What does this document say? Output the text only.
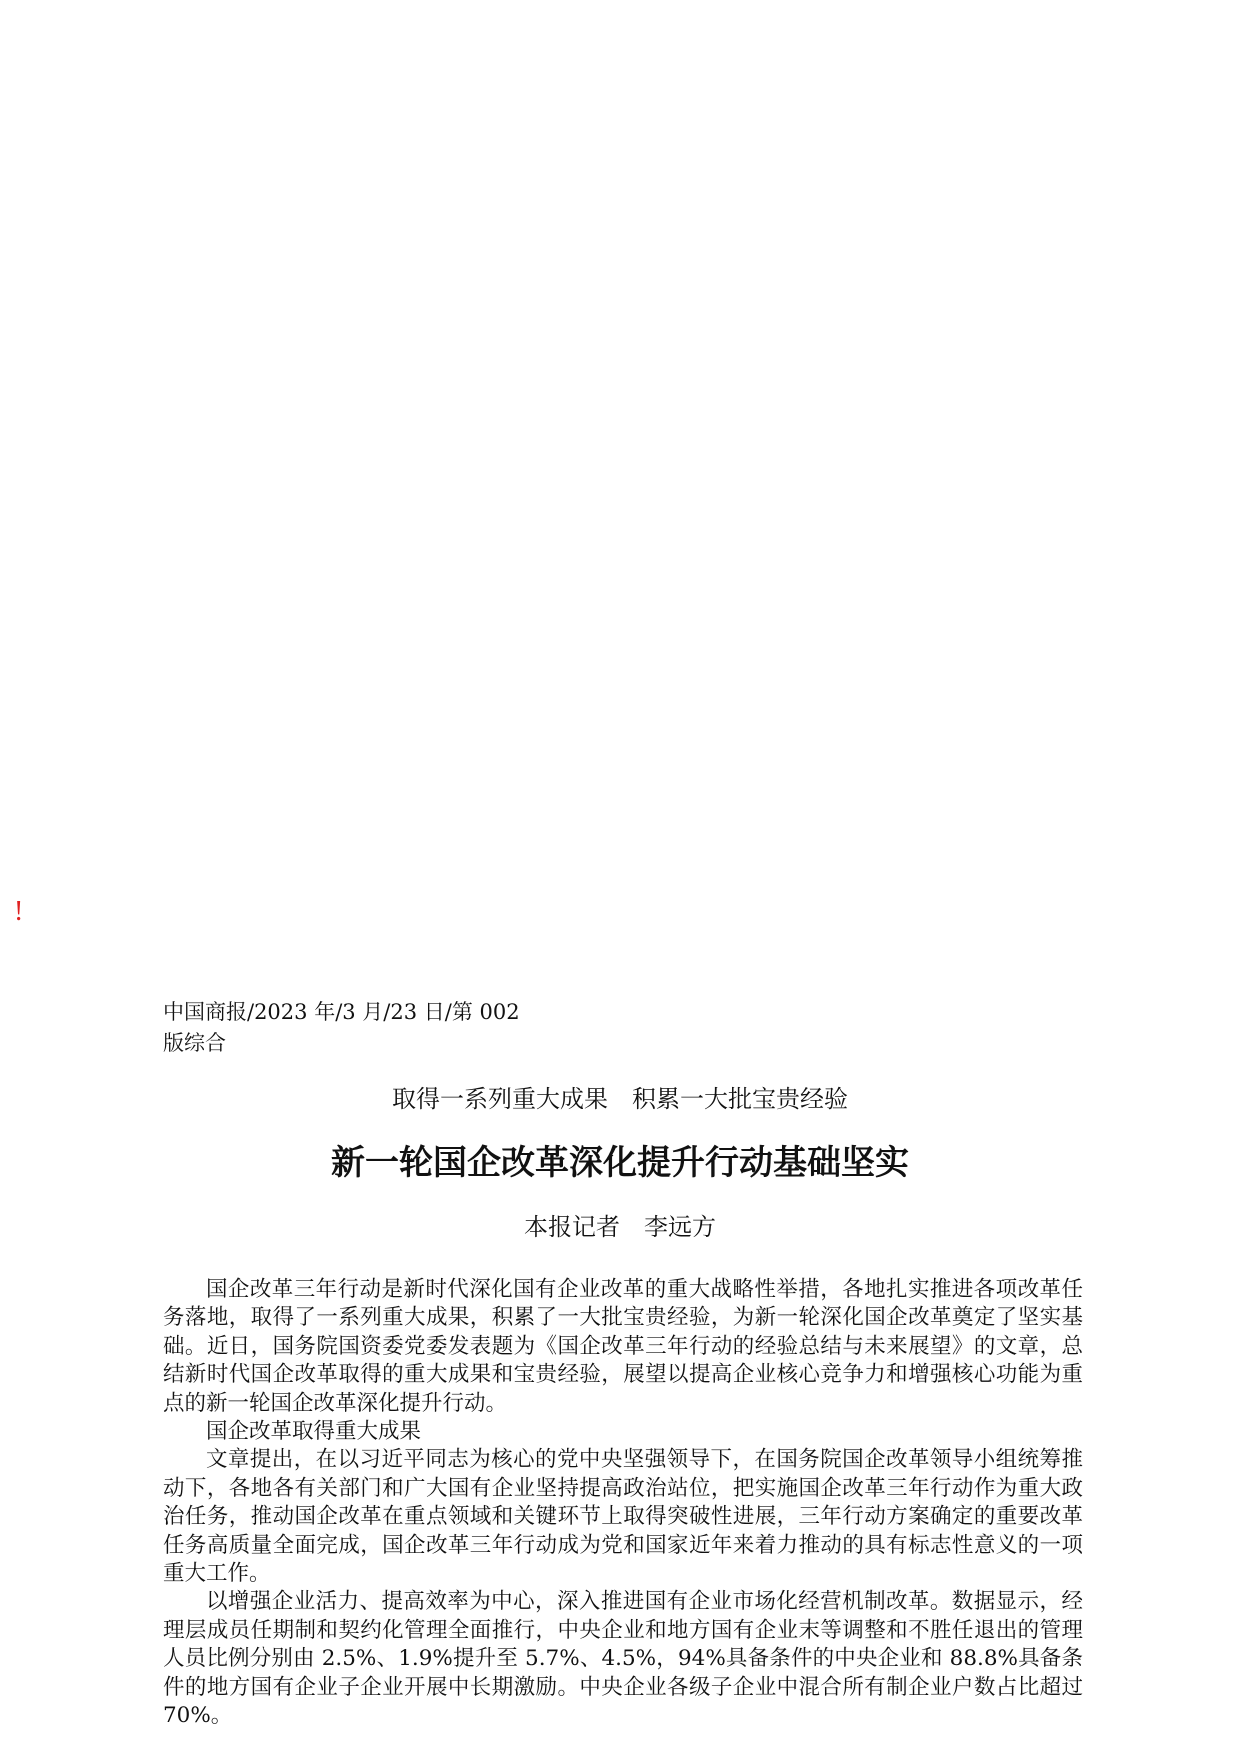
!
中国商报/2023 年/3 月/23 日/第 002 版综合
取得一系列重大成果　积累一大批宝贵经验
新一轮国企改革深化提升行动基础坚实
本报记者　李远方

国企改革三年行动是新时代深化国有企业改革的重大战略性举措，各地扎实推进各项改革任务落地，取得了一系列重大成果，积累了一大批宝贵经验，为新一轮深化国企改革奠定了坚实基础。近日，国务院国资委党委发表题为《国企改革三年行动的经验总结与未来展望》的文章，总结新时代国企改革取得的重大成果和宝贵经验，展望以提高企业核心竞争力和增强核心功能为重点的新一轮国企改革深化提升行动。

国企改革取得重大成果

文章提出，在以习近平同志为核心的党中央坚强领导下，在国务院国企改革领导小组统筹推动下，各地各有关部门和广大国有企业坚持提高政治站位，把实施国企改革三年行动作为重大政治任务，推动国企改革在重点领域和关键环节上取得突破性进展，三年行动方案确定的重要改革任务高质量全面完成，国企改革三年行动成为党和国家近年来着力推动的具有标志性意义的一项重大工作。

以增强企业活力、提高效率为中心，深入推进国有企业市场化经营机制改革。数据显示，经理层成员任期制和契约化管理全面推行，中央企业和地方国有企业末等调整和不胜任退出的管理人员比例分别由 2.5%、1.9%提升至 5.7%、4.5%，94%具备条件的中央企业和 88.8%具备条件的地方国有企业子企业开展中长期激励。中央企业各级子企业中混合所有制企业户数占比超过 70%。
